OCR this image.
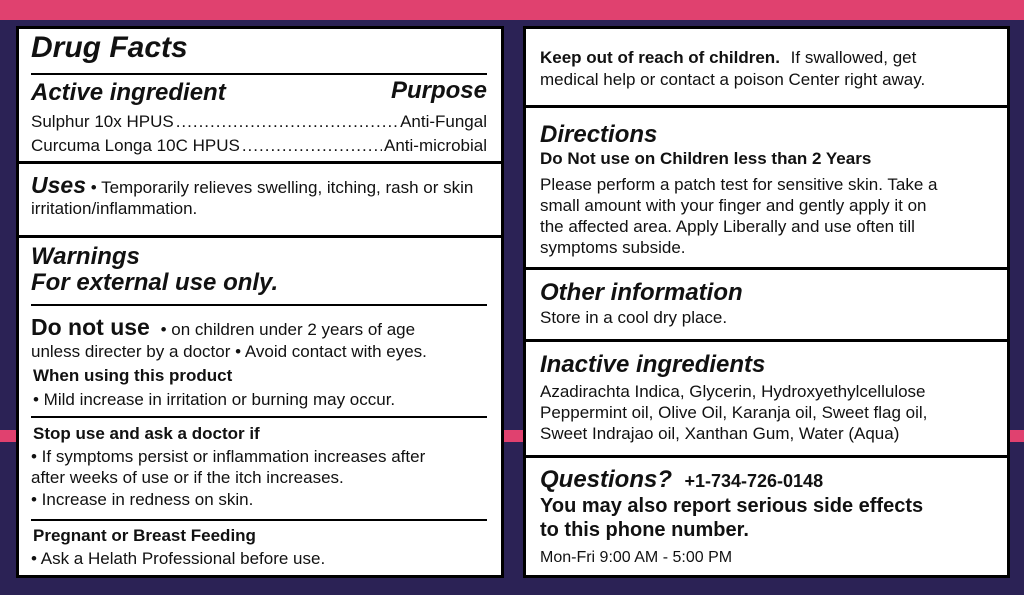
Drug Facts
Active ingredient	Purpose
Sulphur 10x HPUS .....	Anti-Fungal
Curcuma Longa 10C HPUS .....	Anti-microbial
Uses • Temporarily relieves swelling, itching, rash or skin irritation/inflammation.
Warnings
For external use only.
Do not use • on children under 2 years of age
unless directer by a doctor • Avoid contact with eyes.
When using this product
• Mild increase in irritation or burning may occur.
Stop use and ask a doctor if
• If symptoms persist or inflammation increases after
after weeks of use or if the itch increases.
• Increase in redness on skin.
Pregnant or Breast Feeding
• Ask a Helath Professional before use.
Keep out of reach of children. If swallowed, get
medical help or contact a poison Center right away.
Directions
Do Not use on Children less than 2 Years
Please perform a patch test for sensitive skin. Take a
small amount with your finger and gently apply it on
the affected area. Apply Liberally and use often till
symptoms subside.
Other information
Store in a cool dry place.
Inactive ingredients
Azadirachta Indica, Glycerin, Hydroxyethylcellulose
Peppermint oil, Olive Oil, Karanja oil, Sweet flag oil,
Sweet Indrajao oil, Xanthan Gum, Water (Aqua)
Questions? +1-734-726-0148
You may also report serious side effects
to this phone number.
Mon-Fri 9:00 AM - 5:00 PM
